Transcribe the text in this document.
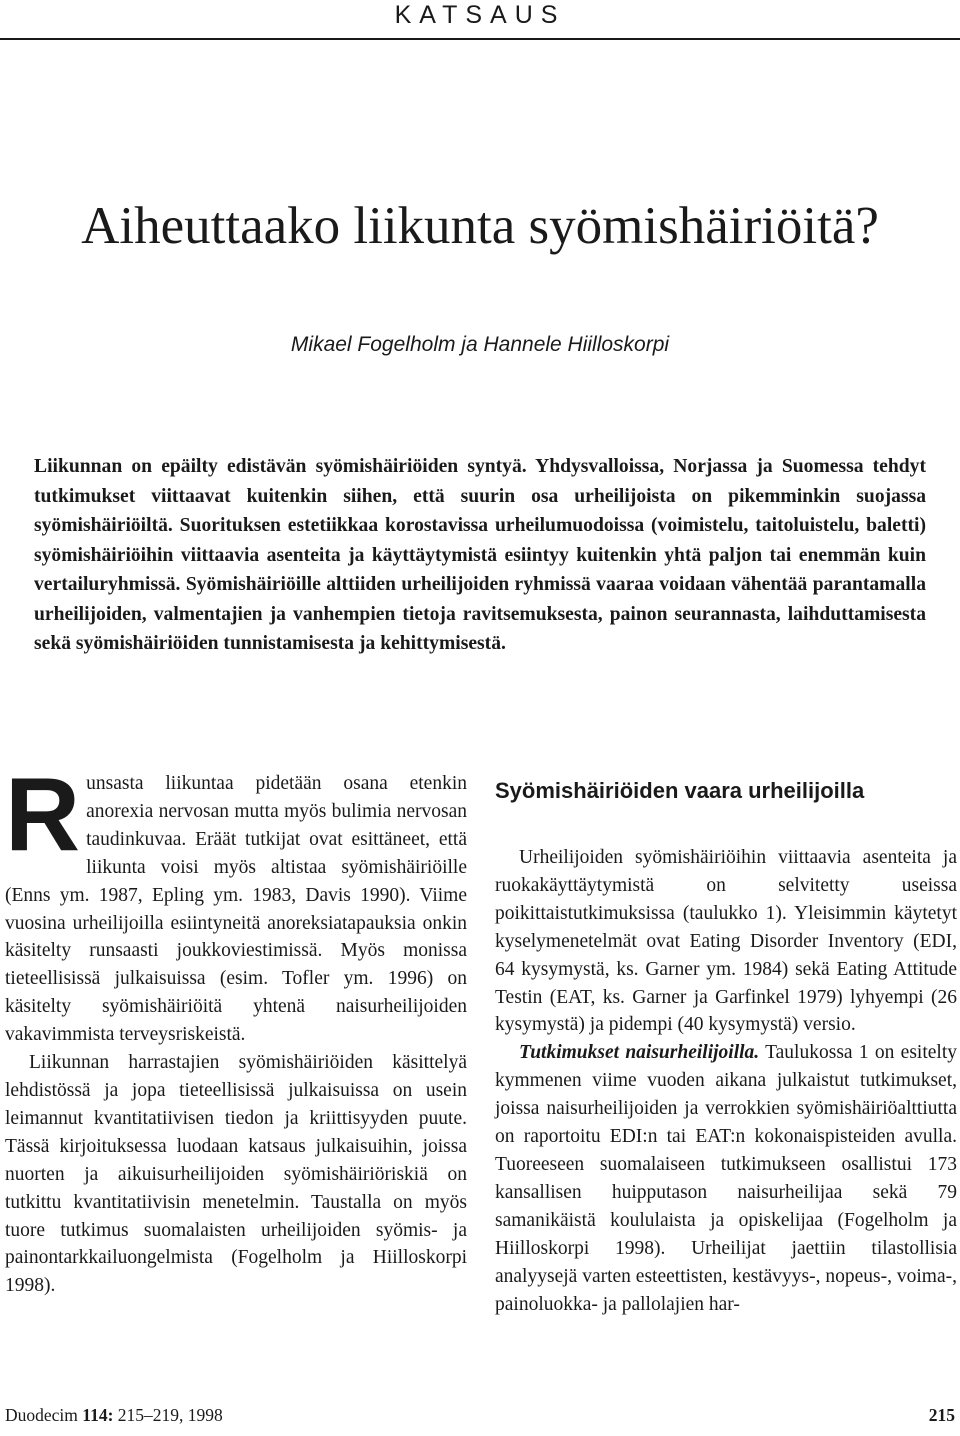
KATSAUS
Aiheuttaako liikunta syömishäiriöitä?
Mikael Fogelholm ja Hannele Hiilloskorpi

Liikunnan on epäilty edistävän syömishäiriöiden syntyä. Yhdysvalloissa, Norjassa ja Suomessa tehdyt tutkimukset viittaavat kuitenkin siihen, että suurin osa urheilijoista on pikemminkin suojassa syömishäiriöiltä. Suorituksen estetiikkaa korostavissa urheilumuodoissa (voimistelu, taitoluistelu, baletti) syömishäiriöihin viittaavia asenteita ja käyttäytymistä esiintyy kuitenkin yhtä paljon tai enemmän kuin vertailuryhmissä. Syömishäiriöille alttiiden urheilijoiden ryhmissä vaaraa voidaan vähentää parantamalla urheilijoiden, valmentajien ja vanhempien tietoja ravitsemuksesta, painon seurannasta, laihduttamisesta sekä syömishäiriöiden tunnistamisesta ja kehittymisestä.

Runsasta liikuntaa pidetään osana etenkin anorexia nervosan mutta myös bulimia nervosan taudinkuvaa. Eräät tutkijat ovat esittäneet, että liikunta voisi myös altistaa syömishäiriöille (Enns ym. 1987, Epling ym. 1983, Davis 1990). Viime vuosina urheilijoilla esiintyneitä anoreksiatapauksia onkin käsitelty runsaasti joukkoviestimissä. Myös monissa tieteellisissä julkaisuissa (esim. Tofler ym. 1996) on käsitelty syömishäiriöitä yhtenä naisurheilijoiden vakavimmista terveysriskeistä.

Liikunnan harrastajien syömishäiriöiden käsittelyä lehdistössä ja jopa tieteellisissä julkaisuissa on usein leimannut kvantitatiivisen tiedon ja kriittisyyden puute. Tässä kirjoituksessa luodaan katsaus julkaisuihin, joissa nuorten ja aikuisurheilijoiden syömishäiriöriskiä on tutkittu kvantitatiivisin menetelmin. Taustalla on myös tuore tutkimus suomalaisten urheilijoiden syömis- ja painontarkkailuongelmista (Fogelholm ja Hiilloskorpi 1998).

Syömishäiriöiden vaara urheilijoilla

Urheilijoiden syömishäiriöihin viittaavia asenteita ja ruokakäyttäytymistä on selvitetty useissa poikittaistutkimuksissa (taulukko 1). Yleisimmin käytetyt kyselymenetelmät ovat Eating Disorder Inventory (EDI, 64 kysymystä, ks. Garner ym. 1984) sekä Eating Attitude Testin (EAT, ks. Garner ja Garfinkel 1979) lyhyempi (26 kysymystä) ja pidempi (40 kysymystä) versio.

Tutkimukset naisurheilijoilla. Taulukossa 1 on esitelty kymmenen viime vuoden aikana julkaistut tutkimukset, joissa naisurheilijoiden ja verrokkien syömishäiriöalttiutta on raportoitu EDI:n tai EAT:n kokonaispisteiden avulla. Tuoreeseen suomalaiseen tutkimukseen osallistui 173 kansallisen huipputason naisurheilijaa sekä 79 samanikäistä koululaista ja opiskelijaa (Fogelholm ja Hiilloskorpi 1998). Urheilijat jaettiin tilastollisia analyysejä varten esteettisten, kestävyys-, nopeus-, voima-, painoluokka- ja pallolajien har-

Duodecim 114: 215–219, 1998	215
